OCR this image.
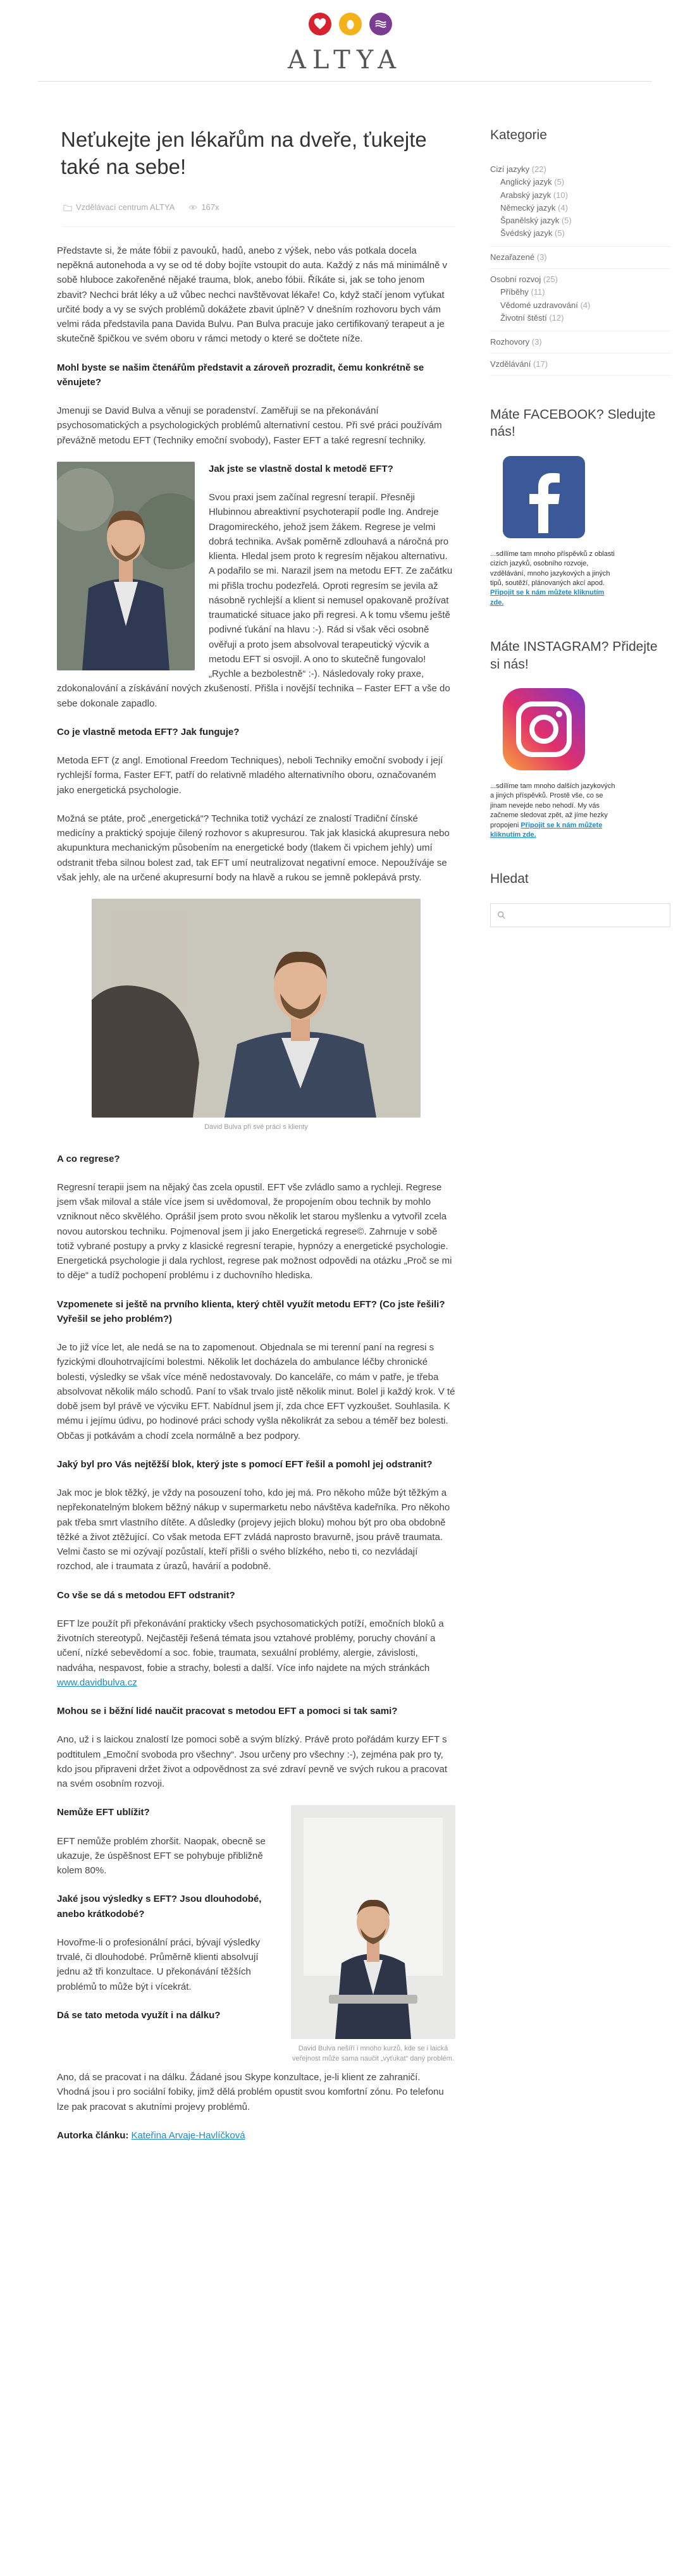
ALTYA
Neťukejte jen lékařům na dveře, ťukejte také na sebe!
Vzdělávací centrum ALTYA	167x

Představte si, že máte fóbii z pavouků, hadů, anebo z výšek, nebo vás potkala docela nepěkná autonehoda a vy se od té doby bojíte vstoupit do auta. Každý z nás má minimálně v sobě hluboce zakořeněné nějaké trauma, blok, anebo fóbii. Říkáte si, jak se toho jenom zbavit? Nechci brát léky a už vůbec nechci navštěvovat lékaře! Co, když stačí jenom vyťukat určité body a vy se svých problémů dokážete zbavit úplně? V dnešním rozhovoru bych vám velmi ráda představila pana Davida Bulvu. Pan Bulva pracuje jako certifikovaný terapeut a je skutečně špičkou ve svém oboru v rámci metody o které se dočtete níže.

Mohl byste se našim čtenářům představit a zároveň prozradit, čemu konkrétně se věnujete?

Jmenuji se David Bulva a věnuji se poradenství. Zaměřuji se na překonávání psychosomatických a psychologických problémů alternativní cestou. Při své práci používám převážně metodu EFT (Techniky emoční svobody), Faster EFT a také regresní techniky.

Jak jste se vlastně dostal k metodě EFT?

Svou praxi jsem začínal regresní terapií. Přesněji Hlubinnou abreaktivní psychoterapií podle Ing. Andreje Dragomireckého, jehož jsem žákem. Regrese je velmi dobrá technika. Avšak poměrně zdlouhavá a náročná pro klienta. Hledal jsem proto k regresím nějakou alternativu. A podařilo se mi. Narazil jsem na metodu EFT. Ze začátku mi přišla trochu podezřelá. Oproti regresím se jevila až násobně rychlejší a klient si nemusel opakovaně prožívat traumatické situace jako při regresi. A k tomu všemu ještě podivné ťukání na hlavu :-). Rád si však věci osobně ověřuji a proto jsem absolvoval terapeutický výcvik a metodu EFT si osvojil. A ono to skutečně fungovalo! „Rychle a bezbolestně“ :-). Následovaly roky praxe, zdokonalování a získávání nových zkušeností. Přišla i novější technika – Faster EFT a vše do sebe dokonale zapadlo.

Co je vlastně metoda EFT? Jak funguje?

Metoda EFT (z angl. Emotional Freedom Techniques), neboli Techniky emoční svobody i její rychlejší forma, Faster EFT, patří do relativně mladého alternativního oboru, označovaném jako energetická psychologie.

Možná se ptáte, proč „energetická“? Technika totiž vychází ze znalostí Tradiční čínské medicíny a praktický spojuje čilený rozhovor s akupresurou. Tak jak klasická akupresura nebo akupunktura mechanickým působením na energetické body (tlakem či vpichem jehly) umí odstranit třeba silnou bolest zad, tak EFT umí neutralizovat negativní emoce. Nepoužíváje se však jehly, ale na určené akupresurní body na hlavě a rukou se jemně poklepává prsty.

David Bulva při své práci s klienty
A co regrese?

Regresní terapii jsem na nějaký čas zcela opustil. EFT vše zvládlo samo a rychleji. Regrese jsem však miloval a stále více jsem si uvědomoval, že propojením obou technik by mohlo vzniknout něco skvělého. Oprášil jsem proto svou několik let starou myšlenku a vytvořil zcela novou autorskou techniku. Pojmenoval jsem ji jako Energetická regrese©. Zahrnuje v sobě totiž vybrané postupy a prvky z klasické regresní terapie, hypnózy a energetické psychologie. Energetická psychologie ji dala rychlost, regrese pak možnost odpovědi na otázku „Proč se mi to děje“ a tudíž pochopení problému i z duchovního hlediska.

Vzpomenete si ještě na prvního klienta, který chtěl využít metodu EFT? (Co jste řešili? Vyřešil se jeho problém?)

Je to již více let, ale nedá se na to zapomenout. Objednala se mi terenní paní na regresi s fyzickými dlouhotrvajícími bolestmi. Několik let docházela do ambulance léčby chronické bolesti, výsledky se však více méně nedostavovaly. Do kanceláře, co mám v patře, je třeba absolvovat několik málo schodů. Paní to však trvalo jistě několik minut. Bolel ji každý krok. V té době jsem byl právě ve výcviku EFT. Nabídnul jsem jí, zda chce EFT vyzkoušet. Souhlasila. K mému i jejímu údivu, po hodinové práci schody vyšla několikrát za sebou a téměř bez bolesti. Občas ji potkávám a chodí zcela normálně a bez podpory.

Jaký byl pro Vás nejtěžší blok, který jste s pomocí EFT řešil a pomohl jej odstranit?

Jak moc je blok těžký, je vždy na posouzení toho, kdo jej má. Pro někoho může být těžkým a nepřekonatelným blokem běžný nákup v supermarketu nebo návštěva kadeřníka. Pro někoho pak třeba smrt vlastního dítěte. A důsledky (projevy jejich bloku) mohou být pro oba obdobně těžké a život ztěžující. Co však metoda EFT zvládá naprosto bravurně, jsou právě traumata. Velmi často se mi ozývají pozůstalí, kteří přišli o svého blízkého, nebo ti, co nezvládají rozchod, ale i traumata z úrazů, havárií a podobně.

Co vše se dá s metodou EFT odstranit?

EFT lze použít při překonávání prakticky všech psychosomatických potíží, emočních bloků a životních stereotypů. Nejčastěji řešená témata jsou vztahové problémy, poruchy chování a učení, nízké sebevědomí a soc. fobie, traumata, sexuální problémy, alergie, závislosti, nadváha, nespavost, fobie a strachy, bolesti a další. Více info najdete na mých stránkách www.davidbulva.cz

Mohou se i běžní lidé naučit pracovat s metodou EFT a pomoci si tak sami?

Ano, už i s laickou znalostí lze pomoci sobě a svým blízký. Právě proto pořádám kurzy EFT s podtitulem „Emoční svoboda pro všechny“. Jsou určeny pro všechny :-), zejména pak pro ty, kdo jsou připraveni držet život a odpovědnost za své zdraví pevně ve svých rukou a pracovat na svém osobním rozvoji.

David Bulva nešíří i mnoho kurzů, kde se i laická veřejnost může sama naučit „vyťukat“ daný problém.
Nemůže EFT ublížit?

EFT nemůže problém zhoršit. Naopak, obecně se ukazuje, že úspěšnost EFT se pohybuje přibližně kolem 80%.

Jaké jsou výsledky s EFT? Jsou dlouhodobé, anebo krátkodobé?

Hovořme-li o profesionální práci, bývají výsledky trvalé, či dlouhodobé. Průměrně klienti absolvují jednu až tři konzultace. U překonávání těžších problémů to může být i vícekrát.

Dá se tato metoda využít i na dálku?

Ano, dá se pracovat i na dálku. Žádané jsou Skype konzultace, je-li klient ze zahraničí. Vhodná jsou i pro sociální fobiky, jimž dělá problém opustit svou komfortní zónu. Po telefonu lze pak pracovat s akutními projevy problémů.

Autorka článku: Kateřina Arvaje-Havlíčková

Kategorie
Cizí jazyky (22)
Anglický jazyk (5)
Arabský jazyk (10)
Německý jazyk (4)
Španělský jazyk (5)
Švédský jazyk (5)
Nezařazené (3)
Osobní rozvoj (25)
Příběhy (11)
Vědomé uzdravování (4)
Životní štěstí (12)
Rozhovory (3)
Vzdělávání (17)
Máte FACEBOOK? Sledujte nás!
...sdílíme tam mnoho příspěvků z oblasti cizích jazyků, osobního rozvoje, vzdělávání, mnoho jazykových a jiných tipů, soutěží, plánovaných akcí apod. Připojit se k nám můžete kliknutím zde.
Máte INSTAGRAM? Přidejte si nás!
...sdílíme tam mnoho dalších jazykových a jiných příspěvků. Prostě vše, co se jinam nevejde nebo nehodí. My vás začneme sledovat zpět, až jíme hezky propojeni Připojit se k nám můžete kliknutím zde.
Hledat
